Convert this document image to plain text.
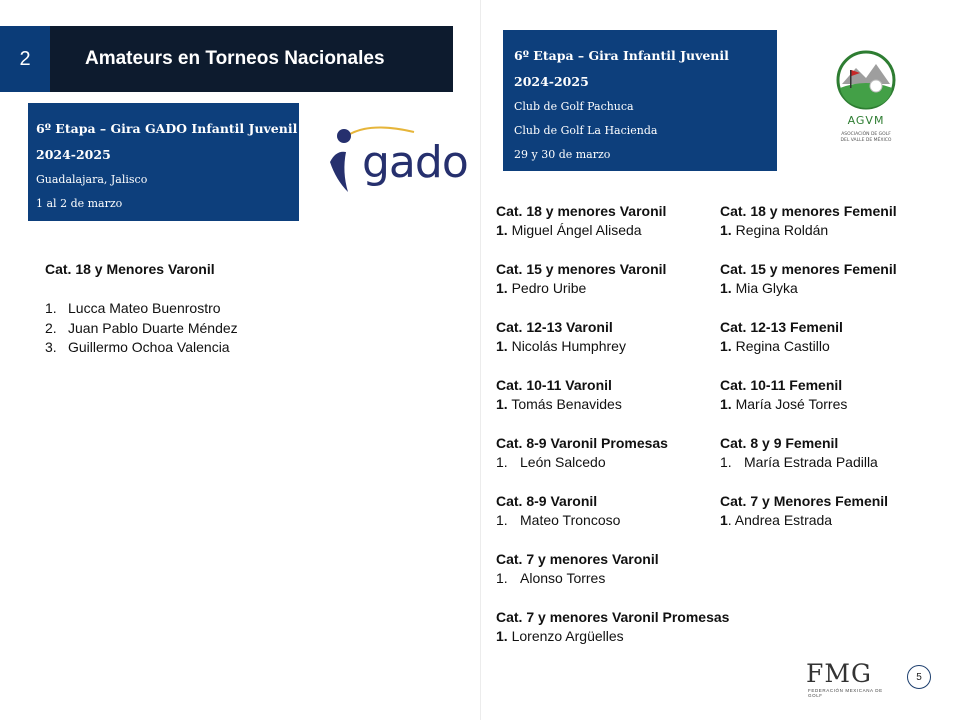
2	Amateurs en Torneos Nacionales
6º Etapa – Gira GADO Infantil Juvenil
2024-2025
Guadalajara, Jalisco
1 al 2 de marzo
gado
Cat. 18 y Menores Varonil
1. Lucca Mateo Buenrostro
2. Juan Pablo Duarte Méndez
3. Guillermo Ochoa Valencia
6º Etapa – Gira Infantil Juvenil
2024-2025
Club de Golf Pachuca
Club de Golf La Hacienda
29 y 30 de marzo
AGVM
ASOCIACIÓN DE GOLF
DEL VALLE DE MÉXICO
Cat. 18 y menores Varonil
1. Miguel Ángel Aliseda
Cat. 15 y menores Varonil
1. Pedro Uribe
Cat. 12-13 Varonil
1. Nicolás Humphrey
Cat. 10-11 Varonil
1. Tomás Benavides
Cat. 8-9 Varonil Promesas
1. León Salcedo
Cat. 8-9 Varonil
1. Mateo Troncoso
Cat. 7 y menores Varonil
1. Alonso Torres
Cat. 7 y menores Varonil Promesas
1. Lorenzo Argüelles
Cat. 18 y menores Femenil
1. Regina Roldán
Cat. 15 y menores Femenil
1. Mia Glyka
Cat. 12-13 Femenil
1. Regina Castillo
Cat. 10-11 Femenil
1. María José Torres
Cat. 8 y 9 Femenil
1. María Estrada Padilla
Cat. 7 y Menores Femenil
1. Andrea Estrada
FMG
FEDERACIÓN MEXICANA DE GOLF
5
